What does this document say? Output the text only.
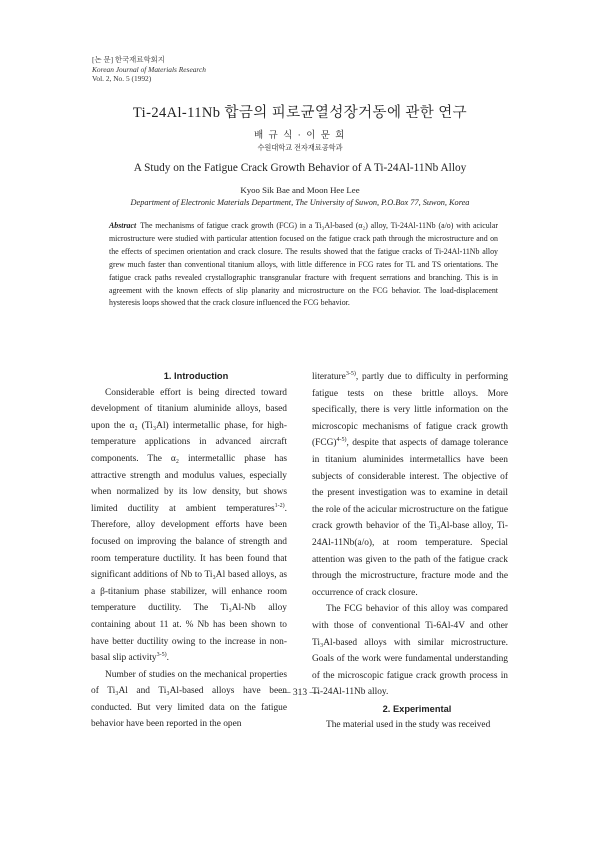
[논 문] 한국재료학회지
Korean Journal of Materials Research
Vol. 2, No. 5 (1992)
Ti-24Al-11Nb 합금의 피로균열성장거동에 관한 연구
배 규 식 · 이 문 희
수원대학교 전자재료공학과
A Study on the Fatigue Crack Growth Behavior of A Ti-24Al-11Nb Alloy
Kyoo Sik Bae and Moon Hee Lee
Department of Electronic Materials Department, The University of Suwon, P.O.Box 77, Suwon, Korea
Abstract The mechanisms of fatigue crack growth (FCG) in a Ti₃Al-based (α₂) alloy, Ti-24Al-11Nb (a/o) with acicular microstructure were studied with particular attention focused on the fatigue crack path through the microstructure and on the effects of specimen orientation and crack closure. The results showed that the fatigue cracks of Ti-24Al-11Nb alloy grew much faster than conventional titanium alloys, with little difference in FCG rates for TL and TS orientations. The fatigue crack paths revealed crystallographic transgranular fracture with frequent serrations and branching. This is in agreement with the known effects of slip planarity and microstructure on the FCG behavior. The load-displacement hysteresis loops showed that the crack closure influenced the FCG behavior.

1. Introduction

Considerable effort is being directed toward development of titanium aluminide alloys, based upon the α₂ (Ti₃Al) intermetallic phase, for high-temperature applications in advanced aircraft components. The α₂ intermetallic phase has attractive strength and modulus values, especially when normalized by its low density, but shows limited ductility at ambient temperatures$^{1-2)}$. Therefore, alloy development efforts have been focused on improving the balance of strength and room temperature ductility. It has been found that significant additions of Nb to Ti₃Al based alloys, as a β-titanium phase stabilizer, will enhance room temperature ductility. The Ti₃Al-Nb alloy containing about 11 at. % Nb has been shown to have better ductility owing to the increase in non-basal slip activity$^{3-5)}$.

Number of studies on the mechanical properties of Ti₃Al and Ti₃Al-based alloys have been conducted. But very limited data on the fatigue behavior have been reported in the open

literature$^{3-5)}$, partly due to difficulty in performing fatigue tests on these brittle alloys. More specifically, there is very little information on the microscopic mechanisms of fatigue crack growth (FCG)$^{4-5)}$, despite that aspects of damage tolerance in titanium aluminides intermetallics have been subjects of considerable interest. The objective of the present investigation was to examine in detail the role of the acicular microstructure on the fatigue crack growth behavior of the Ti₃Al-base alloy, Ti-24Al-11Nb(a/o), at room temperature. Special attention was given to the path of the fatigue crack through the microstructure, fracture mode and the occurrence of crack closure.

The FCG behavior of this alloy was compared with those of conventional Ti-6Al-4V and other Ti₃Al-based alloys with similar microstructure. Goals of the work were fundamental understanding of the microscopic fatigue crack growth process in Ti-24Al-11Nb alloy.

2. Experimental

The material used in the study was received

— 313 —
